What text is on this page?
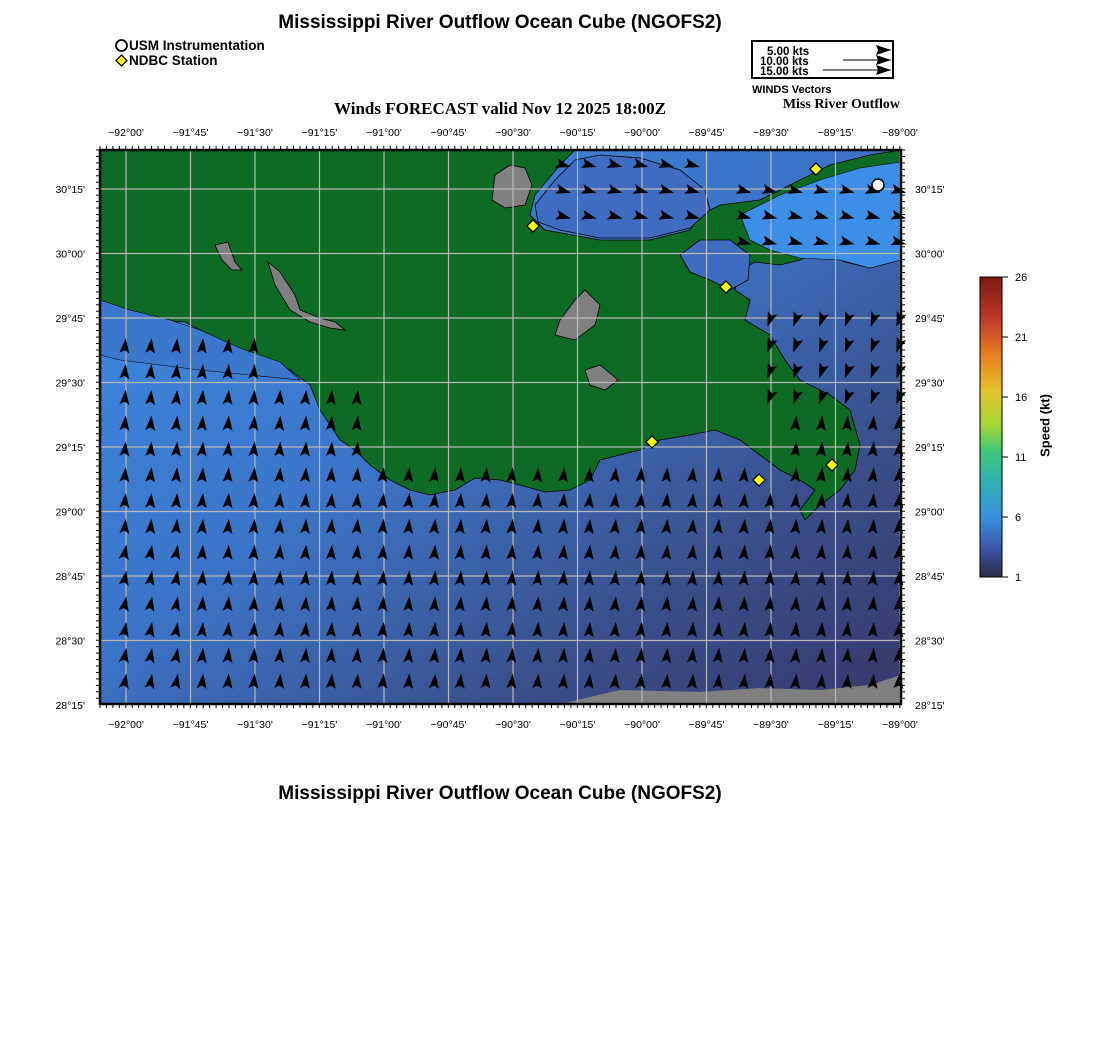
Mississippi River Outflow Ocean Cube (NGOFS2)
USM Instrumentation
NDBC Station
5.00 kts
10.00 kts
15.00 kts
WINDS Vectors
Winds FORECAST valid Nov 12 2025 18:00Z	Miss River Outflow
−92°00'	−91°45'	−91°30'	−91°15'	−91°00'	−90°45'	−90°30'	−90°15'	−90°00'	−89°45'	−89°30'	−89°15'	−89°00'
−92°00'	−91°45'	−91°30'	−91°15'	−91°00'	−90°45'	−90°30'	−90°15'	−90°00'	−89°45'	−89°30'	−89°15'	−89°00'
30°15'
30°00'
29°45'
29°30'
29°15'
29°00'
28°45'
28°30'
28°15'
30°15'
30°00'
29°45'
29°30'
29°15'
29°00'
28°45'
28°30'
28°15'
26
21
16
11
6
1
Speed (kt)
Mississippi River Outflow Ocean Cube (NGOFS2)
